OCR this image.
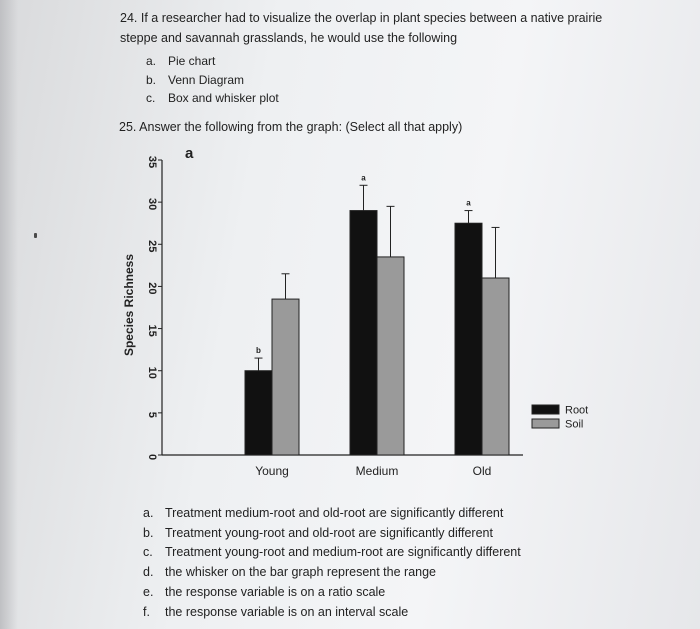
24. If a researcher had to visualize the overlap in plant species between a native prairie
steppe and savannah grasslands, he would use the following
a. Pie chart
b. Venn Diagram
c. Box and whisker plot
25. Answer the following from the graph: (Select all that apply)
a
Species Richness
0
5
10
15
20
25
30
35
b
Young
a
Medium
a
Old
Root
Soil
a. Treatment medium-root and old-root are significantly different
b. Treatment young-root and old-root are significantly different
c. Treatment young-root and medium-root are significantly different
d. the whisker on the bar graph represent the range
e. the response variable is on a ratio scale
f. the response variable is on an interval scale
